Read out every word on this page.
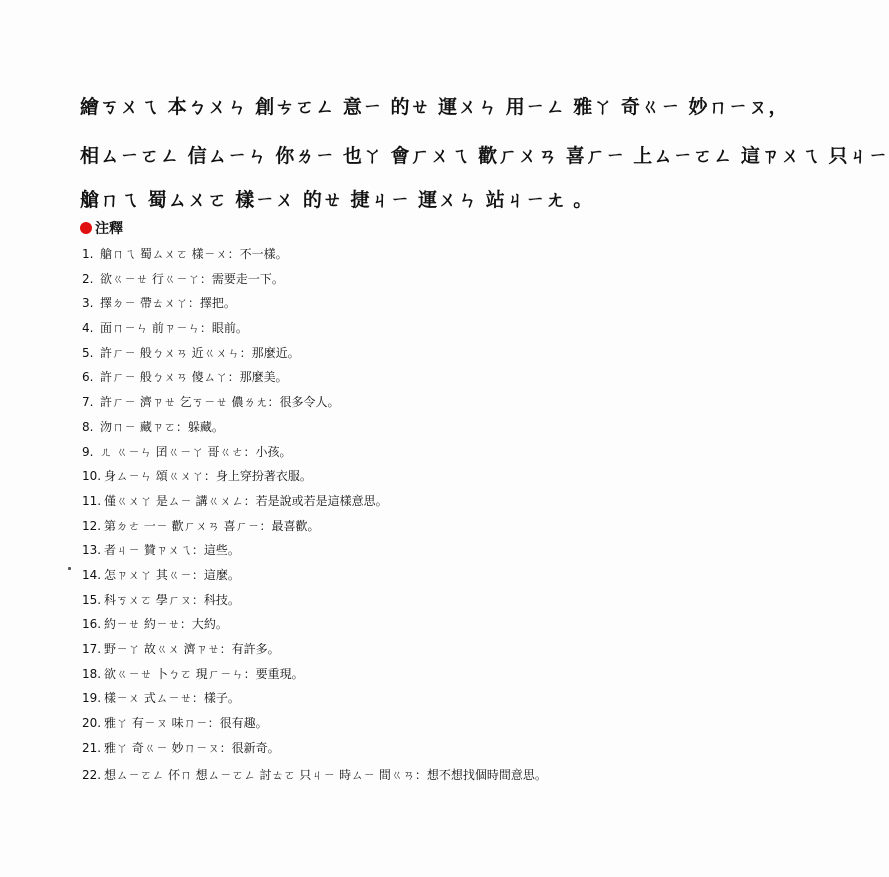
繪ㄎㄨㄟ 本ㄅㄨㄣ 創ㄘㄛㄥ 意ㄧ 的ㄝ 運ㄨㄣ 用ㄧㄥ 雅ㄚ 奇ㄍㄧ 妙ㄇㄧㄡ，
相ㄙㄧㄛㄥ 信ㄙㄧㄣ 你ㄌㄧ 也ㄚ 會ㄏㄨㄟ 歡ㄏㄨㄢ 喜ㄏㄧ 上ㄙㄧㄛㄥ 這ㄗㄨㄟ 只ㄐㄧ
艙ㄇㄟ 蜀ㄙㄨㄛ 樣ㄧㄨ 的ㄝ 捷ㄐㄧ 運ㄨㄣ 站ㄐㄧㄤ 。
注釋
1. 艙ㄇㄟ 蜀ㄙㄨㄛ 樣ㄧㄨ：不一樣。
2. 欲ㄍㄧㄝ 行ㄍㄧㄚ：需要走一下。
3. 擇ㄉㄧ 帶ㄊㄨㄚ：擇把。
4. 面ㄇㄧㄣ 前ㄗㄧㄣ：眼前。
5. 許ㄏㄧ 般ㄅㄨㄢ 近ㄍㄨㄣ：那麼近。
6. 許ㄏㄧ 般ㄅㄨㄢ 傻ㄙㄚ：那麼美。
7. 許ㄏㄧ 濟ㄗㄝ 乞ㄎㄧㄝ 儂ㄌㄤ：很多令人。
8. 沕ㄇㄧ 藏ㄗㄛ：躲藏。
9. ㄦ ㄍㄧㄣ 囝ㄍㄧㄚ 哥ㄍㄜ：小孩。
10. 身ㄙㄧㄣ 頌ㄍㄨㄚ：身上穿扮著衣服。
11. 僅ㄍㄨㄚ 是ㄙㄧ 講ㄍㄨㄥ：若是說或若是這樣意思。
12. 第ㄉㄜ 一ㄧ 歡ㄏㄨㄢ 喜ㄏㄧ：最喜歡。
13. 者ㄐㄧ 贊ㄗㄨㄟ：這些。
14. 怎ㄗㄨㄚ 其ㄍㄧ：這麼。
15. 科ㄎㄨㄛ 學ㄏㄡ：科技。
16. 約ㄧㄝ 約ㄧㄝ：大約。
17. 野ㄧㄚ 故ㄍㄨ 濟ㄗㄝ：有許多。
18. 欲ㄍㄧㄝ 卜ㄅㄛ 現ㄏㄧㄣ：要重現。
19. 樣ㄧㄨ 式ㄙㄧㄝ：樣子。
20. 雅ㄚ 有ㄧㄡ 味ㄇㄧ：很有趣。
21. 雅ㄚ 奇ㄍㄧ 妙ㄇㄧㄡ：很新奇。
22. 想ㄙㄧㄛㄥ 伓ㄇ 想ㄙㄧㄛㄥ 討ㄊㄛ 只ㄐㄧ 時ㄙㄧ 間ㄍㄢ：想不想找個時間意思。
